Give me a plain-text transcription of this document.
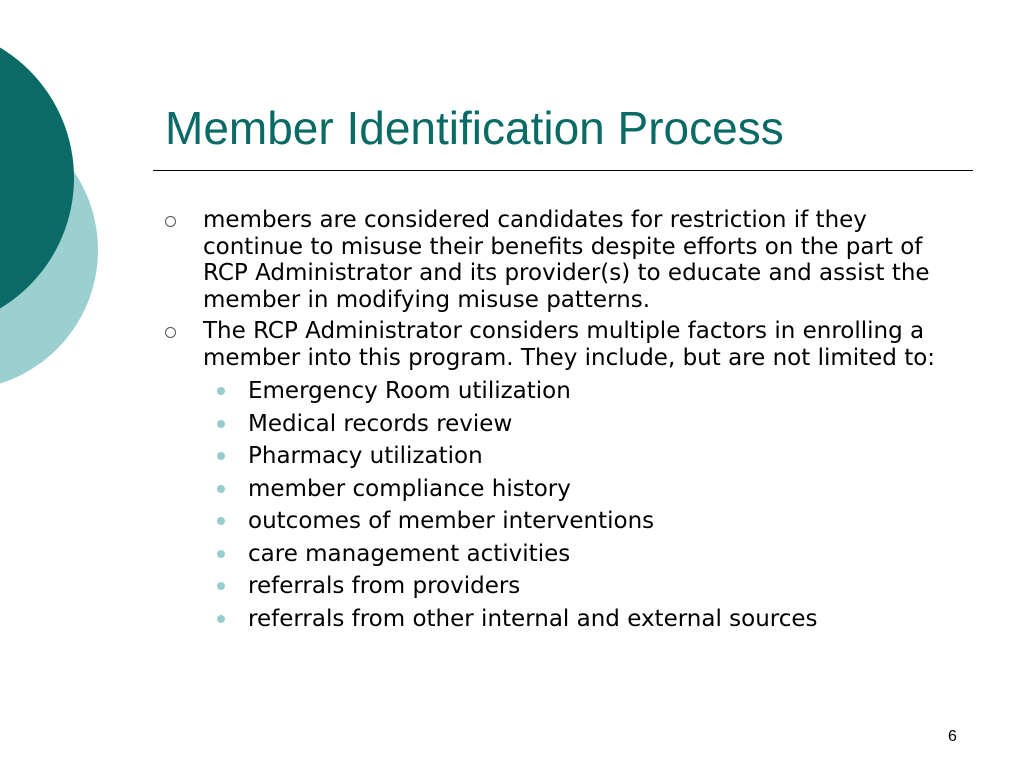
Member Identification Process
members are considered candidates for restriction if they continue to misuse their benefits despite efforts on the part of RCP Administrator and its provider(s) to educate and assist the member in modifying misuse patterns.
The RCP Administrator considers multiple factors in enrolling a member into this program. They include, but are not limited to:
Emergency Room utilization
Medical records review
Pharmacy utilization
member compliance history
outcomes of member interventions
care management activities
referrals from providers
referrals from other internal and external sources
6
